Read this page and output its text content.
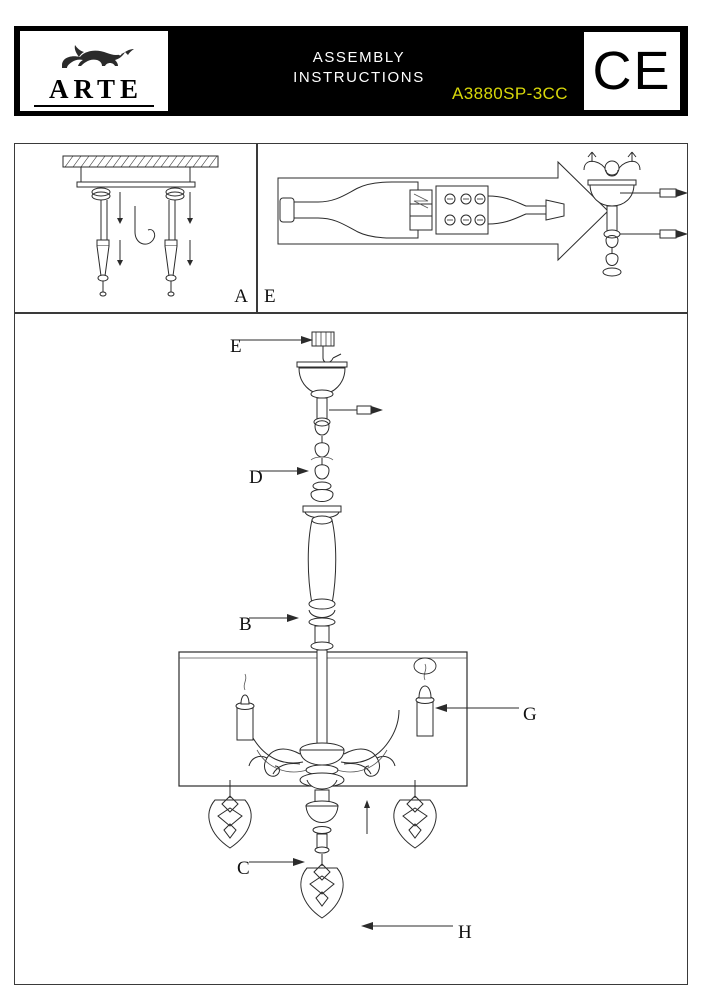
ARTE
ASSEMBLY
INSTRUCTIONS
A3880SP-3CC CE
A E
E
D
B
G
C
H
